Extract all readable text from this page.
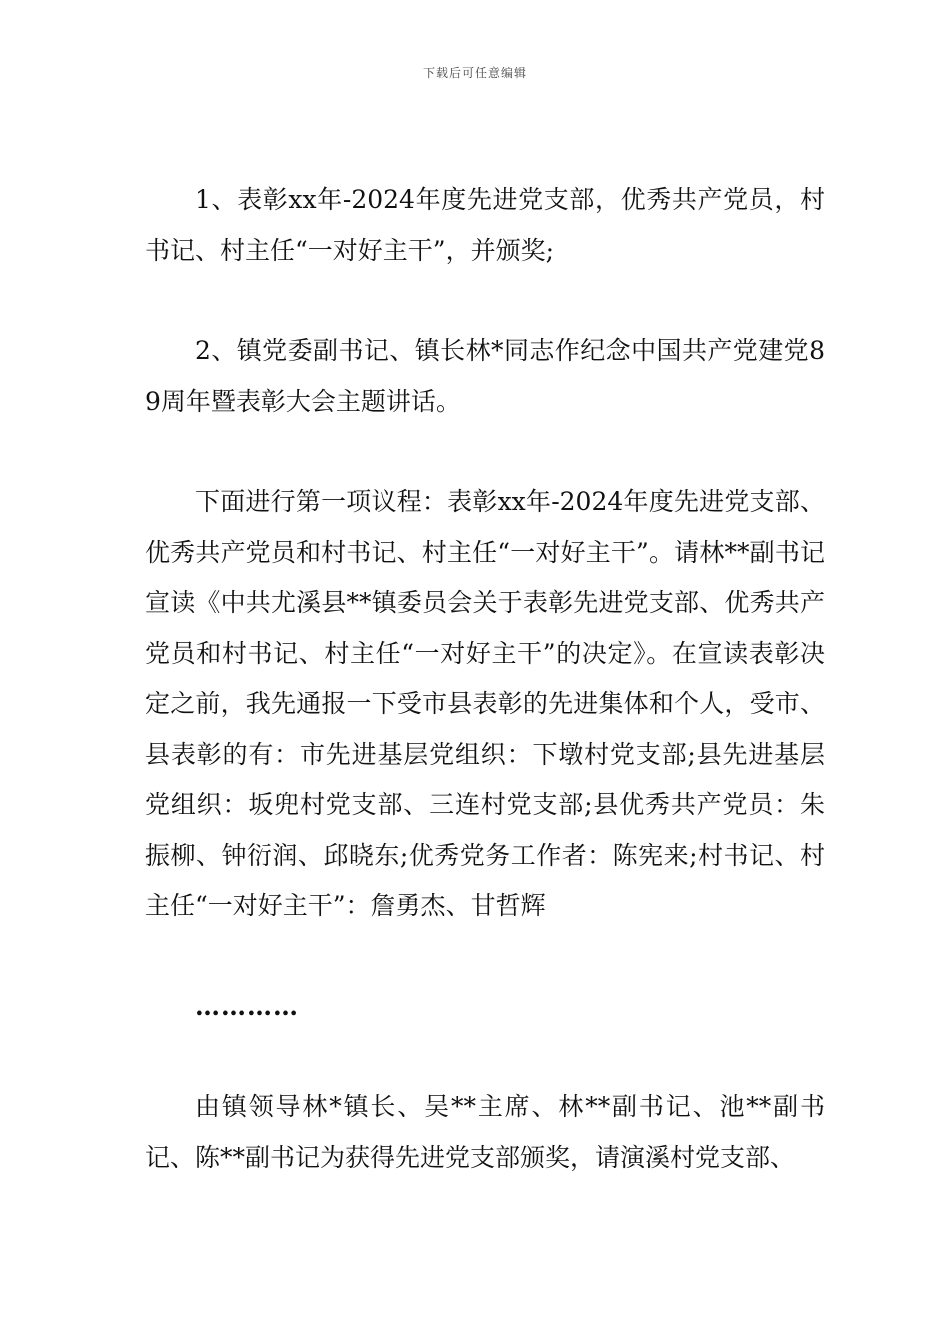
下载后可任意编辑

1、表彰xx年-2024年度先进党支部，优秀共产党员，村书记、村主任“一对好主干”，并颁奖;

2、镇党委副书记、镇长林*同志作纪念中国共产党建党89周年暨表彰大会主题讲话。

下面进行第一项议程：表彰xx年-2024年度先进党支部、优秀共产党员和村书记、村主任“一对好主干”。请林**副书记宣读《中共尤溪县**镇委员会关于表彰先进党支部、优秀共产党员和村书记、村主任“一对好主干”的决定》。在宣读表彰决定之前，我先通报一下受市县表彰的先进集体和个人，受市、县表彰的有：市先进基层党组织：下墩村党支部;县先进基层党组织：坂兜村党支部、三连村党支部;县优秀共产党员：朱振柳、钟衍润、邱晓东;优秀党务工作者：陈宪来;村书记、村主任“一对好主干”：詹勇杰、甘哲辉

…………

由镇领导林*镇长、吴**主席、林**副书记、池**副书记、陈**副书记为获得先进党支部颁奖，请演溪村党支部、
